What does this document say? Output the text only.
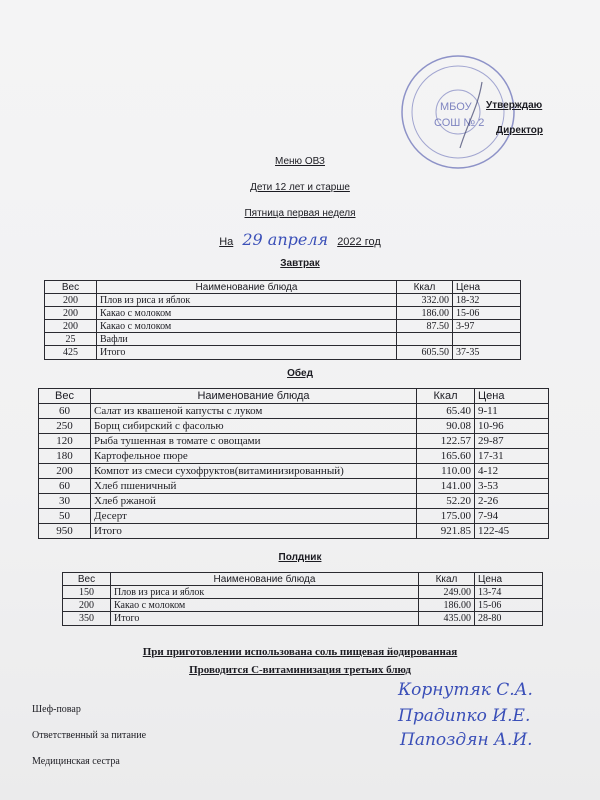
МБОУ
СОШ № 2
Утверждаю
Директор
Меню ОВЗ
Дети 12 лет и старше
Пятница первая неделя
На 29 апреля 2022 год
Завтрак
Вес	Наименование блюда	Ккал	Цена
200	Плов из риса и яблок	332.00	18-32
200	Какао с молоком	186.00	15-06
200	Какао с молоком	87.50	3-97
25	Вафли		
425	Итого	605.50	37-35
Обед
Вес	Наименование блюда	Ккал	Цена
60	Салат из квашеной капусты с луком	65.40	9-11
250	Борщ сибирский с фасолью	90.08	10-96
120	Рыба тушенная в томате с овощами	122.57	29-87
180	Картофельное пюре	165.60	17-31
200	Компот из смеси сухофруктов(витаминизированный)	110.00	4-12
60	Хлеб пшеничный	141.00	3-53
30	Хлеб ржаной	52.20	2-26
50	Десерт	175.00	7-94
950	Итого	921.85	122-45
Полдник
Вес	Наименование блюда	Ккал	Цена
150	Плов из риса и яблок	249.00	13-74
200	Какао с молоком	186.00	15-06
350	Итого	435.00	28-80
При приготовлении использована соль пищевая йодированная
Проводится С-витаминизация третьих блюд
Шеф-повар
Ответственный за питание
Медицинская сестра
Корнутяк С.А.
Прадипко И.Е.
Папоздян А.И.
